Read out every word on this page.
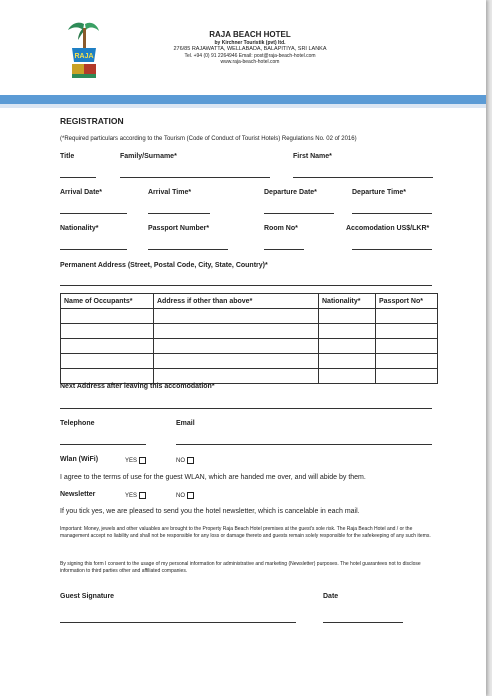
RAJA
RAJA BEACH HOTEL
by Kirchner Touristik (pvt) ltd.
276/85 RAJAWATTA, WELLABADA, BALAPITIYA, SRI LANKA
Tel. +94 (0) 91 2264946 Email: post@raja-beach-hotel.com
www.raja-beach-hotel.com
REGISTRATION
(*Required particulars according to the Tourism (Code of Conduct of Tourist Hotels) Regulations No. 02 of 2016)
Title	Family/Surname*	First Name*
Arrival Date*	Arrival Time*	Departure Date*	Departure Time*
Nationality*	Passport Number*	Room No*	Accomodation US$/LKR*
Permanent Address (Street, Postal Code, City, State, Country)*
Name of Occupants*	Address if other than above*	Nationality*	Passport No*

Next Address after leaving this accomodation*
Telephone	Email
Wlan (WiFi)	YES	NO
I agree to the terms of use for the guest WLAN, which are handed me over, and will abide by them.
Newsletter	YES	NO
If you tick yes, we are pleased to send you the hotel newsletter, which is cancelable in each mail.
Important: Money, jewels and other valuables are brought to the Property Raja Beach Hotel premises at the guest's sole risk. The Raja Beach Hotel and / or the management accept no liability and shall not be responsible for any loss or damage thereto and guests remain solely responsible for the safekeeping of any such items.
By signing this form I consent to the usage of my personal information for administrative and marketing (Newsletter) purposes. The hotel guarantees not to disclose information to third parties other and affiliated companies.
Guest Signature	Date
